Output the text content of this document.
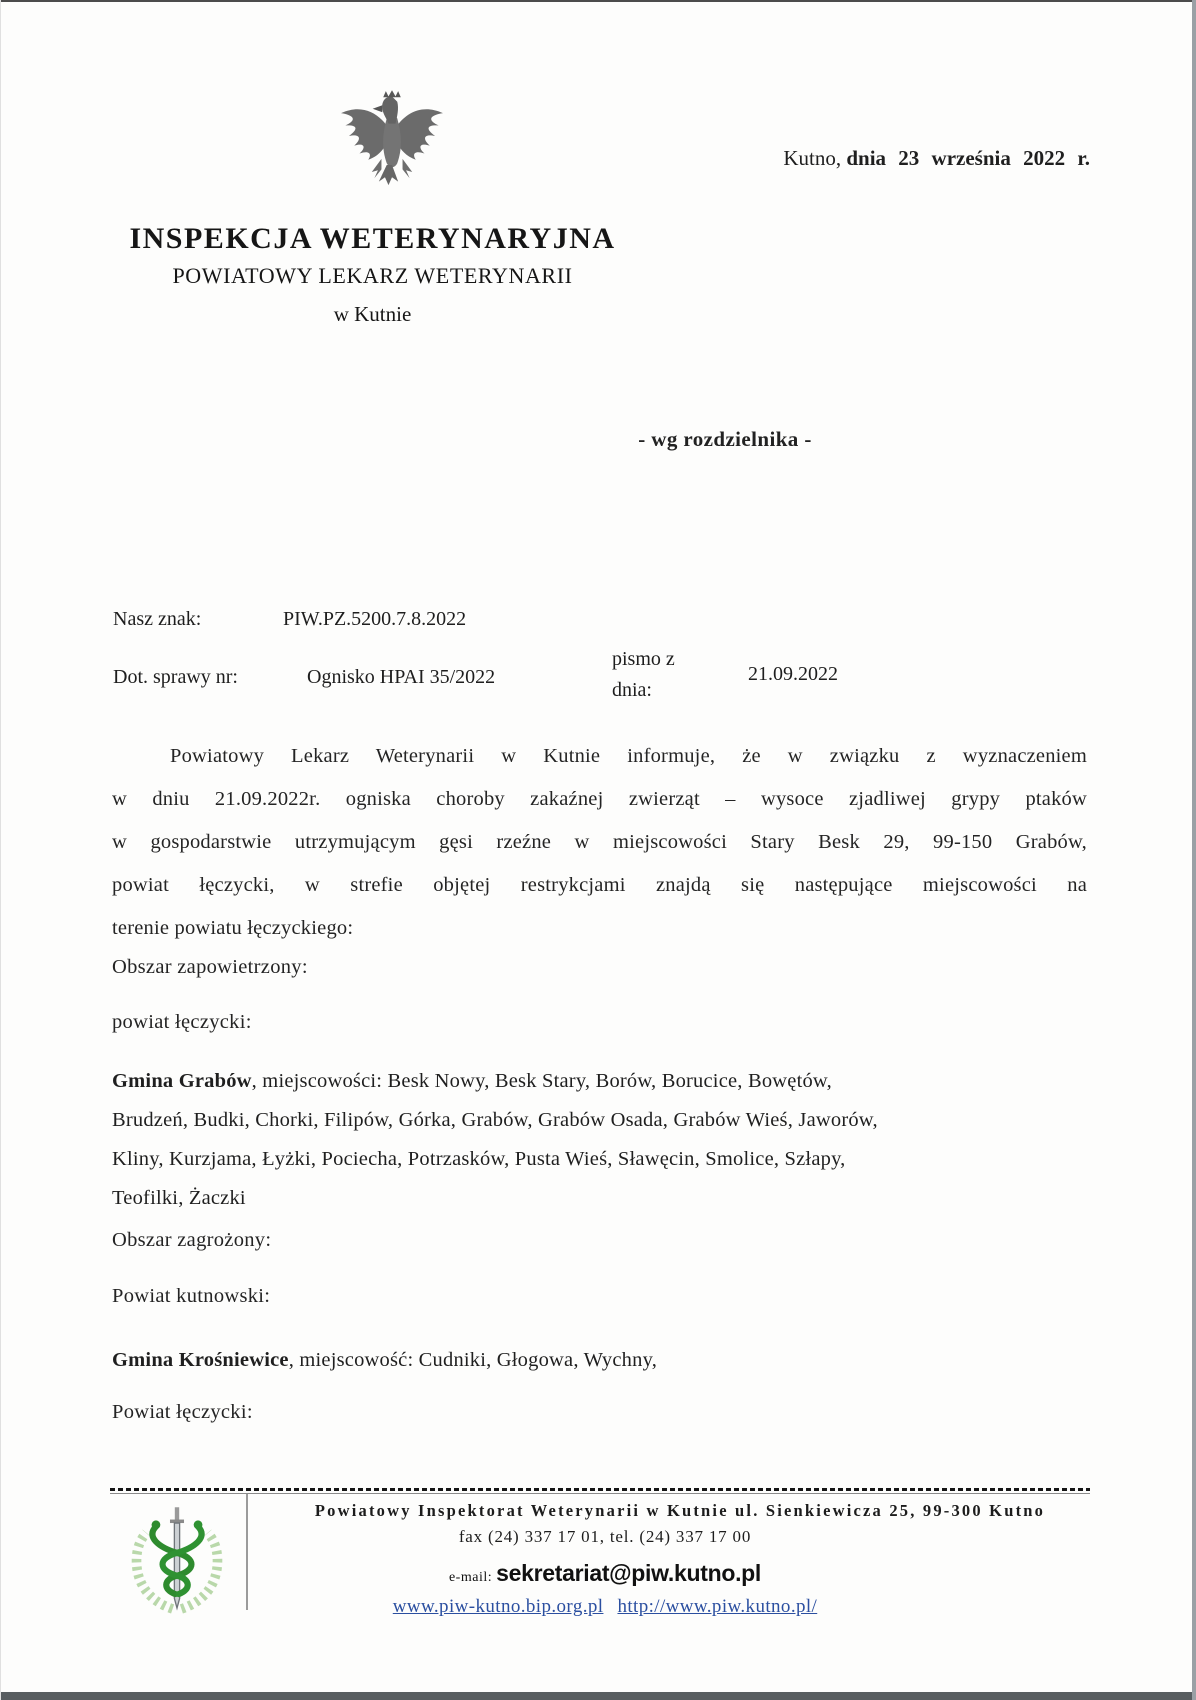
Kutno, dnia 23 września 2022 r.
INSPEKCJA WETERYNARYJNA
POWIATOWY LEKARZ WETERYNARII
w Kutnie
- wg rozdzielnika -
Nasz znak:	PIW.PZ.5200.7.8.2022
Dot. sprawy nr:	Ognisko HPAI 35/2022
pismo z
dnia:
21.09.2022
Powiatowy Lekarz Weterynarii w Kutnie informuje, że w związku z wyznaczeniem
w dniu 21.09.2022r. ogniska choroby zakaźnej zwierząt – wysoce zjadliwej grypy ptaków
w gospodarstwie utrzymującym gęsi rzeźne w miejscowości Stary Besk 29, 99-150 Grabów,
powiat łęczycki, w strefie objętej restrykcjami znajdą się następujące miejscowości na
terenie powiatu łęczyckiego:
Obszar zapowietrzony:
powiat łęczycki:
Gmina Grabów, miejscowości: Besk Nowy, Besk Stary, Borów, Borucice, Bowętów,
Brudzeń, Budki, Chorki, Filipów, Górka, Grabów, Grabów Osada, Grabów Wieś, Jaworów,
Kliny, Kurzjama, Łyżki, Pociecha, Potrzasków, Pusta Wieś, Sławęcin, Smolice, Szłapy,
Teofilki, Żaczki
Obszar zagrożony:
Powiat kutnowski:
Gmina Krośniewice, miejscowość: Cudniki, Głogowa, Wychny,
Powiat łęczycki:
Powiatowy Inspektorat Weterynarii w Kutnie ul. Sienkiewicza 25, 99-300 Kutno
fax (24) 337 17 01, tel. (24) 337 17 00
e-mail: sekretariat@piw.kutno.pl
www.piw-kutno.bip.org.pl http://www.piw.kutno.pl/
